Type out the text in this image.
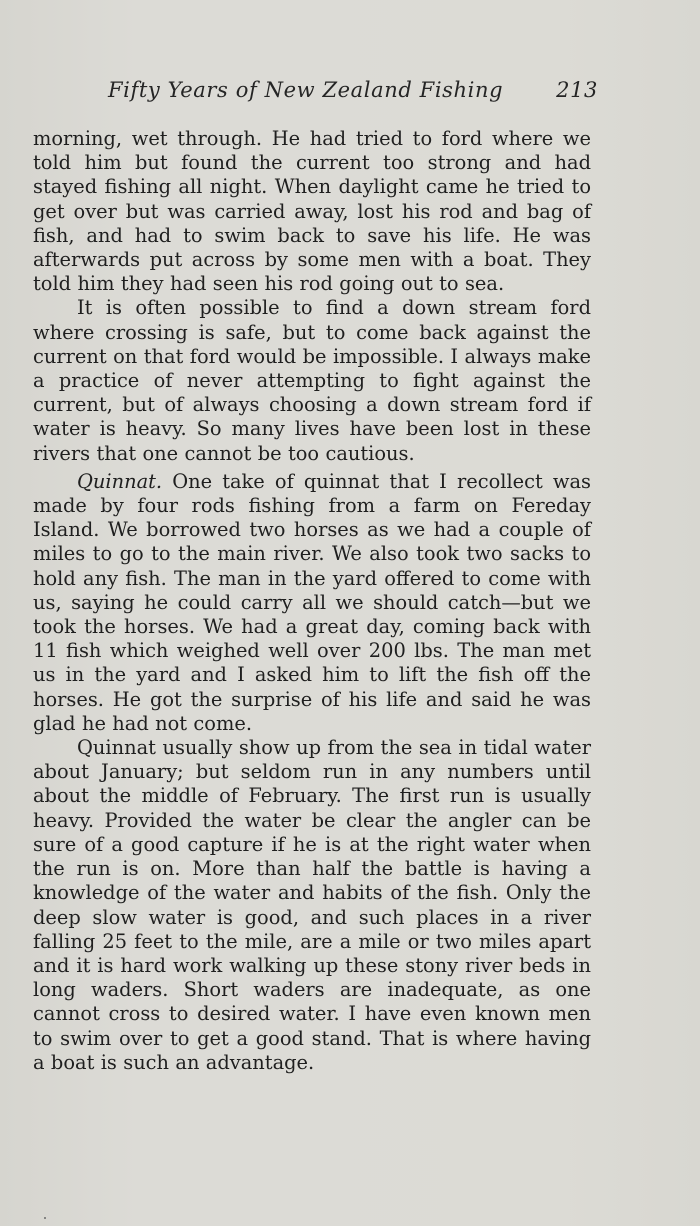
Fifty Years of New Zealand Fishing	213

morning, wet through. He had tried to ford where we told him but found the current too strong and had stayed fishing all night. When daylight came he tried to get over but was carried away, lost his rod and bag of fish, and had to swim back to save his life. He was afterwards put across by some men with a boat. They told him they had seen his rod going out to sea.

It is often possible to find a down stream ford where crossing is safe, but to come back against the current on that ford would be impossible. I always make a practice of never attempting to fight against the current, but of always choosing a down stream ford if water is heavy. So many lives have been lost in these rivers that one cannot be too cautious.

Quinnat. One take of quinnat that I recollect was made by four rods fishing from a farm on Fereday Island. We borrowed two horses as we had a couple of miles to go to the main river. We also took two sacks to hold any fish. The man in the yard offered to come with us, saying he could carry all we should catch—but we took the horses. We had a great day, coming back with 11 fish which weighed well over 200 lbs. The man met us in the yard and I asked him to lift the fish off the horses. He got the surprise of his life and said he was glad he had not come.

Quinnat usually show up from the sea in tidal water about January; but seldom run in any numbers until about the middle of February. The first run is usually heavy. Provided the water be clear the angler can be sure of a good capture if he is at the right water when the run is on. More than half the battle is having a knowledge of the water and habits of the fish. Only the deep slow water is good, and such places in a river falling 25 feet to the mile, are a mile or two miles apart and it is hard work walking up these stony river beds in long waders. Short waders are inadequate, as one cannot cross to desired water. I have even known men to swim over to get a good stand. That is where having a boat is such an advantage.
